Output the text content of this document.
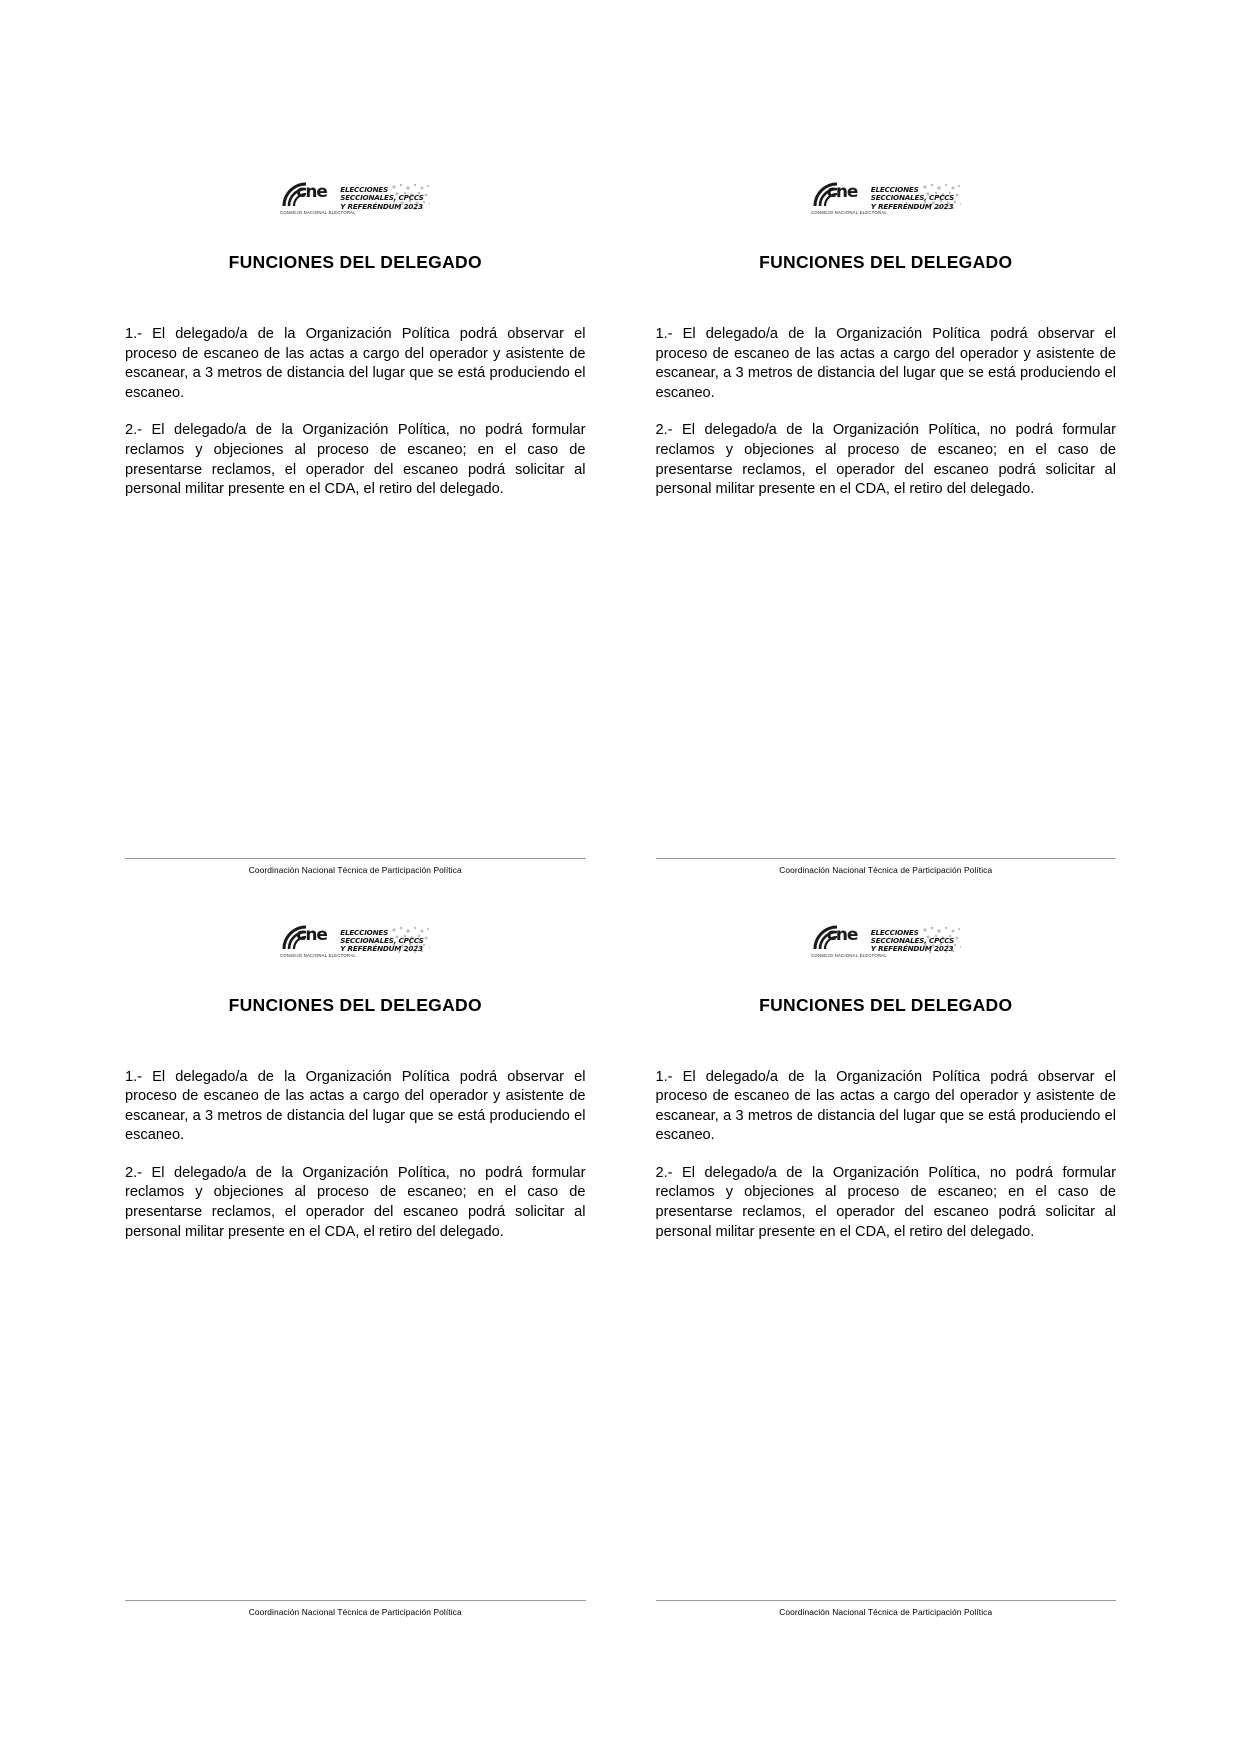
cne
CONSEJO NACIONAL ELECTORAL
ELECCIONES
SECCIONALES, CPCCS
Y REFERÉNDUM 2023
FUNCIONES DEL DELEGADO

1.- El delegado/a de la Organización Política podrá observar el proceso de escaneo de las actas a cargo del operador y asistente de escanear, a 3 metros de distancia del lugar que se está produciendo el escaneo.

2.- El delegado/a de la Organización Política, no podrá formular reclamos y objeciones al proceso de escaneo; en el caso de presentarse reclamos, el operador del escaneo podrá solicitar al personal militar presente en el CDA, el retiro del delegado.

Coordinación Nacional Técnica de Participación Política
cne
CONSEJO NACIONAL ELECTORAL
ELECCIONES
SECCIONALES, CPCCS
Y REFERÉNDUM 2023
FUNCIONES DEL DELEGADO

1.- El delegado/a de la Organización Política podrá observar el proceso de escaneo de las actas a cargo del operador y asistente de escanear, a 3 metros de distancia del lugar que se está produciendo el escaneo.

2.- El delegado/a de la Organización Política, no podrá formular reclamos y objeciones al proceso de escaneo; en el caso de presentarse reclamos, el operador del escaneo podrá solicitar al personal militar presente en el CDA, el retiro del delegado.

Coordinación Nacional Técnica de Participación Política
cne
CONSEJO NACIONAL ELECTORAL
ELECCIONES
SECCIONALES, CPCCS
Y REFERÉNDUM 2023
FUNCIONES DEL DELEGADO

1.- El delegado/a de la Organización Política podrá observar el proceso de escaneo de las actas a cargo del operador y asistente de escanear, a 3 metros de distancia del lugar que se está produciendo el escaneo.

2.- El delegado/a de la Organización Política, no podrá formular reclamos y objeciones al proceso de escaneo; en el caso de presentarse reclamos, el operador del escaneo podrá solicitar al personal militar presente en el CDA, el retiro del delegado.

Coordinación Nacional Técnica de Participación Política
cne
CONSEJO NACIONAL ELECTORAL
ELECCIONES
SECCIONALES, CPCCS
Y REFERÉNDUM 2023
FUNCIONES DEL DELEGADO

1.- El delegado/a de la Organización Política podrá observar el proceso de escaneo de las actas a cargo del operador y asistente de escanear, a 3 metros de distancia del lugar que se está produciendo el escaneo.

2.- El delegado/a de la Organización Política, no podrá formular reclamos y objeciones al proceso de escaneo; en el caso de presentarse reclamos, el operador del escaneo podrá solicitar al personal militar presente en el CDA, el retiro del delegado.

Coordinación Nacional Técnica de Participación Política
